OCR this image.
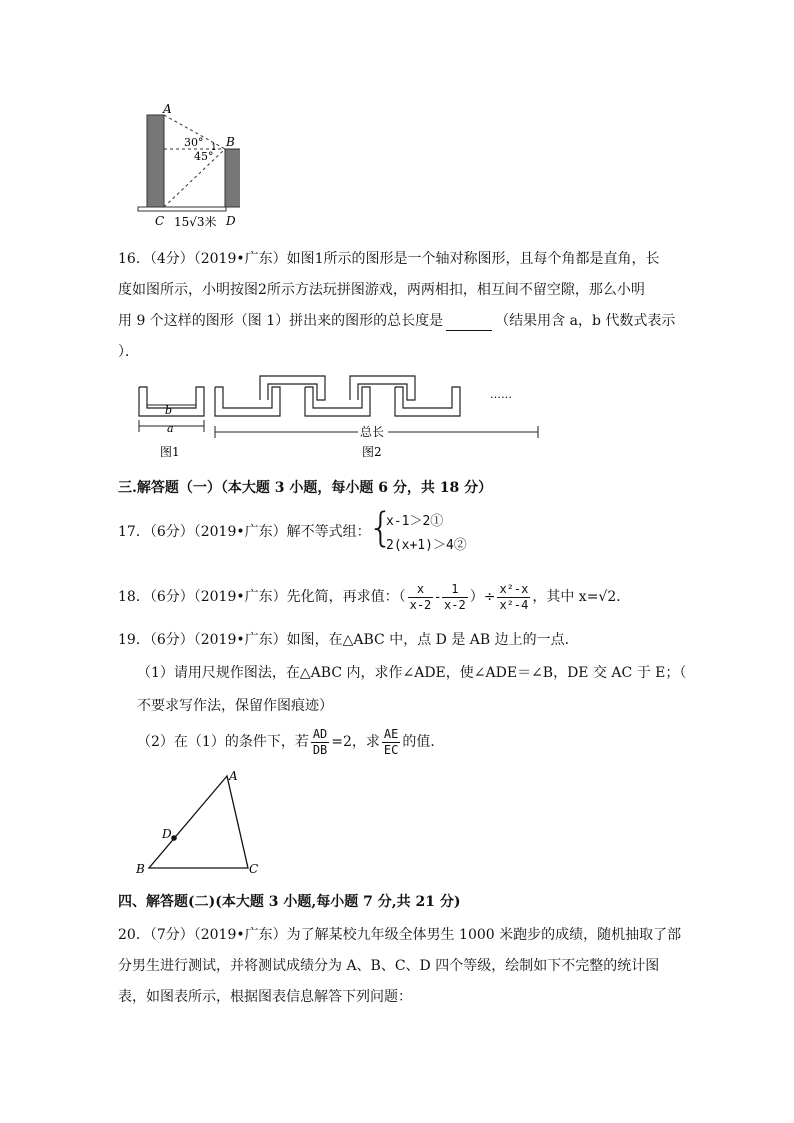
A
B
C	D
30°
45°
1
15√3米
16．（4分）（2019•广东）如图1所示的图形是一个轴对称图形，且每个角都是直角，长
度如图所示，小明按图2所示方法玩拼图游戏，两两相扣，相互间不留空隙，那么小明
用 9 个这样的图形（图 1）拼出来的图形的总长度是	（结果用含 a，b 代数式表示
）．
b
a
图1
……
总长
图2
三.解答题（一）（本大题 3 小题，每小题 6 分，共 18 分）
17．（6分）（2019•广东）解不等式组：
{
x-1＞2①
2(x+1)＞4②
18．（6分）（2019•广东）先化简，再求值：（ $\frac{x}{x-2} - \frac{1}{x-2}$ ）÷ $\frac{\text{x²-x}}{\text{x²-4}}$ ，其中 x=√2．
19．（6分）（2019•广东）如图，在△ABC 中，点 D 是 AB 边上的一点．
（1）请用尺规作图法，在△ABC 内，求作∠ADE，使∠ADE＝∠B，DE 交 AC 于 E；（
不要求写作法，保留作图痕迹）
（2）在（1）的条件下，若 $\frac{AD}{DB} =2$，求 $\frac{AE}{EC}$ 的值．
A
B	C
D
四、解答题(二)(本大题 3 小题,每小题 7 分,共 21 分)
20．（7分）（2019•广东）为了解某校九年级全体男生 1000 米跑步的成绩，随机抽取了部
分男生进行测试，并将测试成绩分为 A、B、C、D 四个等级，绘制如下不完整的统计图
表，如图表所示，根据图表信息解答下列问题：
